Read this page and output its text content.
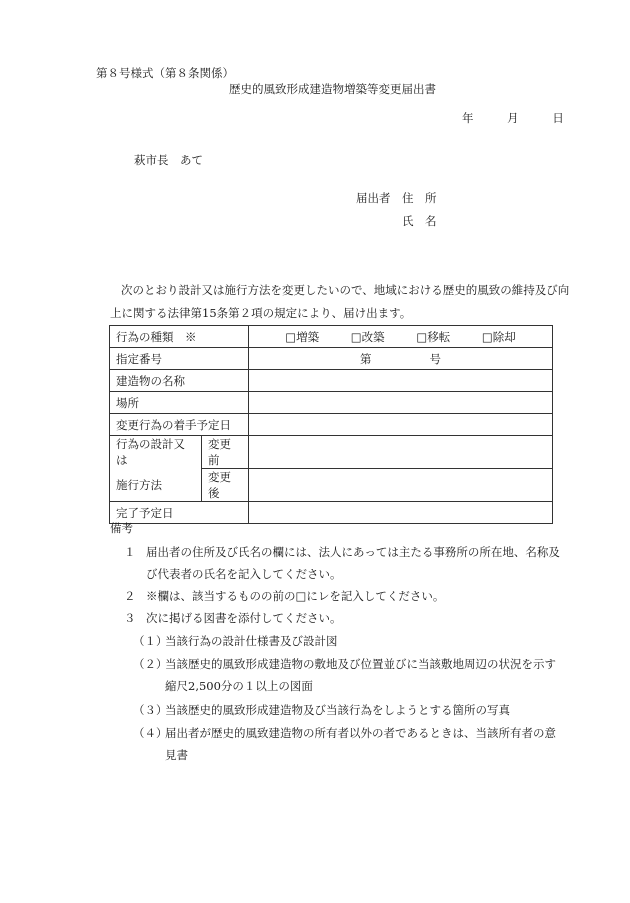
第８号様式（第８条関係）
歴史的風致形成建造物増築等変更届出書
年	月	日
萩市長　あて
届出者　住　所
氏　名
次のとおり設計又は施行方法を変更したいので、地域における歴史的風致の維持及び向上に関する法律第15条第２項の規定により、届け出ます。
行為の種類　※		□増築 □改築 □移転 □除却
指定番号		第 号
建造物の名称		
場所		
変更行為の着手予定日		
行為の設計又は	変更前	
施行方法	変更後	
完了予定日		
備考
１ 届出者の住所及び氏名の欄には、法人にあっては主たる事務所の所在地、名称及
び代表者の氏名を記入してください。
２ ※欄は、該当するものの前の□にレを記入してください。
３ 次に掲げる図書を添付してください。
（１）当該行為の設計仕様書及び設計図
（２）当該歴史的風致形成建造物の敷地及び位置並びに当該敷地周辺の状況を示す
縮尺2,500分の１以上の図面
（３）当該歴史的風致形成建造物及び当該行為をしようとする箇所の写真
（４）届出者が歴史的風致建造物の所有者以外の者であるときは、当該所有者の意
見書
